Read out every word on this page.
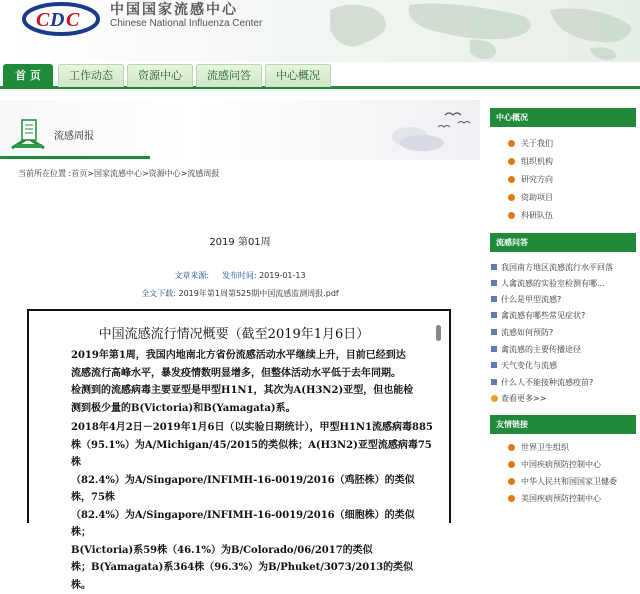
C D C 中国国家流感中心
Chinese National Influenza Center
首 页	工作动态	资源中心	流感问答	中心概况
流感周报
当前所在位置 :首页>国家流感中心>资源中心>流感周报
2019 第01周
文章来源: 发布时间: 2019-01-13
全文下载: 2019年第1周第525期中国流感监测周报.pdf
中国流感流行情况概要（截至2019年1月6日）
2019年第1周，我国内地南北方省份流感活动水平继续上升，目前已经到达
流感流行高峰水平，暴发疫情数明显增多，但整体活动水平低于去年同期。
检测到的流感病毒主要亚型是甲型H1N1，其次为A(H3N2)亚型，但也能检
测到极少量的B(Victoria)和B(Yamagata)系。
2018年4月2日－2019年1月6日（以实验日期统计），甲型H1N1流感病毒885
株（95.1%）为A/Michigan/45/2015的类似株；A(H3N2)亚型流感病毒75株
（82.4%）为A/Singapore/INFIMH-16-0019/2016（鸡胚株）的类似株，75株
（82.4%）为A/Singapore/INFIMH-16-0019/2016（细胞株）的类似株；
B(Victoria)系59株（46.1%）为B/Colorado/06/2017的类似
株；B(Yamagata)系364株（96.3%）为B/Phuket/3073/2013的类似株。
中心概况
关于我们
组织机构
研究方向
资助项目
科研队伍
流感问答
我国南方地区流感流行水平回落
人禽流感的实验室检测有哪...
什么是甲型流感?
禽流感有哪些常见症状?
流感如何预防?
禽流感的主要传播途径
天气变化与流感
什么人不能接种流感疫苗?
查看更多>>
友情链接
世界卫生组织
中国疾病预防控制中心
中华人民共和国国家卫健委
美国疾病预防控制中心
